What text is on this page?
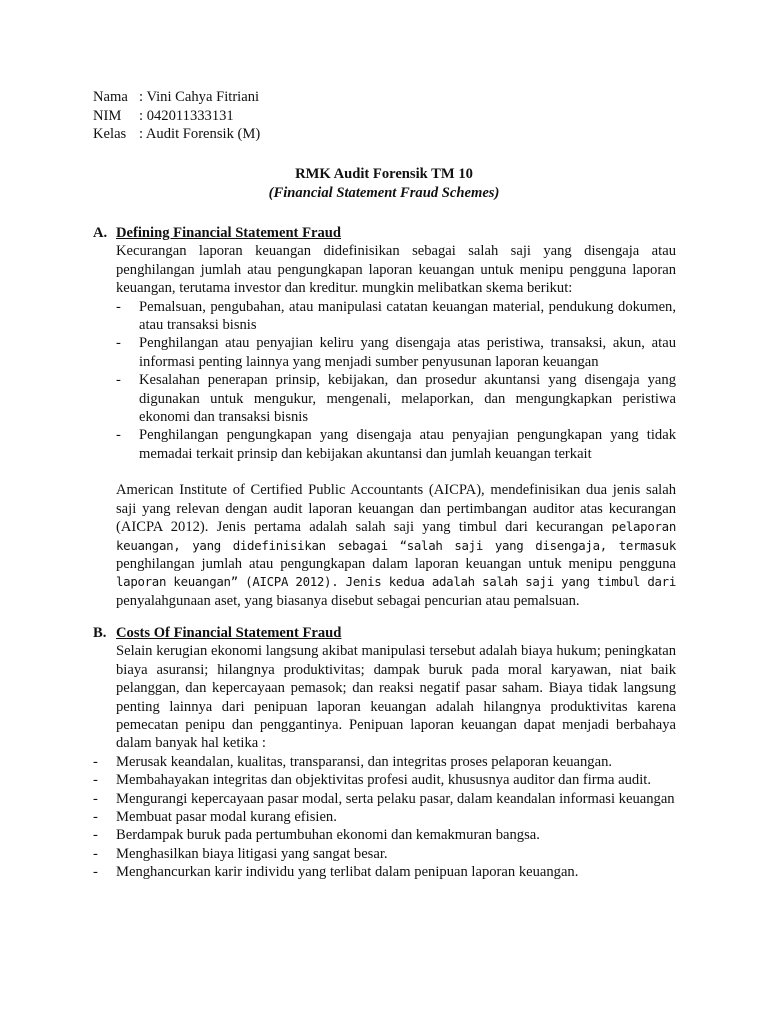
Nama : Vini Cahya Fitriani
NIM	: 042011333131
Kelas : Audit Forensik (M)
RMK Audit Forensik TM 10
(Financial Statement Fraud Schemes)
A. Defining Financial Statement Fraud
Kecurangan laporan keuangan didefinisikan sebagai salah saji yang disengaja atau penghilangan jumlah atau pengungkapan laporan keuangan untuk menipu pengguna laporan keuangan, terutama investor dan kreditur. mungkin melibatkan skema berikut:
- Pemalsuan, pengubahan, atau manipulasi catatan keuangan material, pendukung dokumen, atau transaksi bisnis
- Penghilangan atau penyajian keliru yang disengaja atas peristiwa, transaksi, akun, atau informasi penting lainnya yang menjadi sumber penyusunan laporan keuangan
- Kesalahan penerapan prinsip, kebijakan, dan prosedur akuntansi yang disengaja yang digunakan untuk mengukur, mengenali, melaporkan, dan mengungkapkan peristiwa ekonomi dan transaksi bisnis
- Penghilangan pengungkapan yang disengaja atau penyajian pengungkapan yang tidak memadai terkait prinsip dan kebijakan akuntansi dan jumlah keuangan terkait
American Institute of Certified Public Accountants (AICPA), mendefinisikan dua jenis salah saji yang relevan dengan audit laporan keuangan dan pertimbangan auditor atas kecurangan (AICPA 2012). Jenis pertama adalah salah saji yang timbul dari kecurangan pelaporan keuangan, yang didefinisikan sebagai “salah saji yang disengaja, termasuk penghilangan jumlah atau pengungkapan dalam laporan keuangan untuk menipu pengguna laporan keuangan” (AICPA 2012). Jenis kedua adalah salah saji yang timbul dari penyalahgunaan aset, yang biasanya disebut sebagai pencurian atau pemalsuan.
B. Costs Of Financial Statement Fraud
Selain kerugian ekonomi langsung akibat manipulasi tersebut adalah biaya hukum; peningkatan biaya asuransi; hilangnya produktivitas; dampak buruk pada moral karyawan, niat baik pelanggan, dan kepercayaan pemasok; dan reaksi negatif pasar saham. Biaya tidak langsung penting lainnya dari penipuan laporan keuangan adalah hilangnya produktivitas karena pemecatan penipu dan penggantinya. Penipuan laporan keuangan dapat menjadi berbahaya dalam banyak hal ketika :
- Merusak keandalan, kualitas, transparansi, dan integritas proses pelaporan keuangan.
- Membahayakan integritas dan objektivitas profesi audit, khususnya auditor dan firma audit.
- Mengurangi kepercayaan pasar modal, serta pelaku pasar, dalam keandalan informasi keuangan
- Membuat pasar modal kurang efisien.
- Berdampak buruk pada pertumbuhan ekonomi dan kemakmuran bangsa.
- Menghasilkan biaya litigasi yang sangat besar.
- Menghancurkan karir individu yang terlibat dalam penipuan laporan keuangan.
